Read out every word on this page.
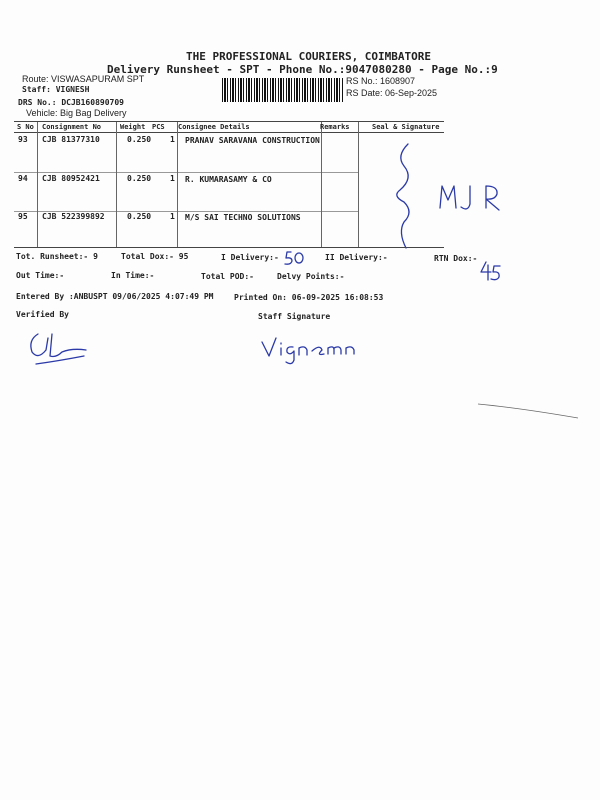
THE PROFESSIONAL COURIERS, COIMBATORE
Delivery Runsheet - SPT - Phone No.:9047080280 - Page No.:9
Route: VISWASAPURAM SPT
Staff: VIGNESH
DRS No.: DCJB160890709
Vehicle: Big Bag Delivery
RS No.: 1608907
RS Date: 06-Sep-2025
S No Consignment No	Weight PCS Consignee Details	Remarks	Seal & Signature
93 CJB 81377310	0.250 1 PRANAV SARAVANA CONSTRUCTION
94 CJB 80952421	0.250 1 R. KUMARASAMY & CO
95 CJB 522399892	0.250 1 M/S SAI TECHNO SOLUTIONS
Tot. Runsheet:- 9	Total Dox:- 95	I Delivery:-	II Delivery:-	RTN Dox:-
Out Time:-	In Time:-	Total POD:-	Delvy Points:-
Entered By :ANBUSPT 09/06/2025 4:07:49 PM	Printed On: 06-09-2025 16:08:53
Verified By	Staff Signature
